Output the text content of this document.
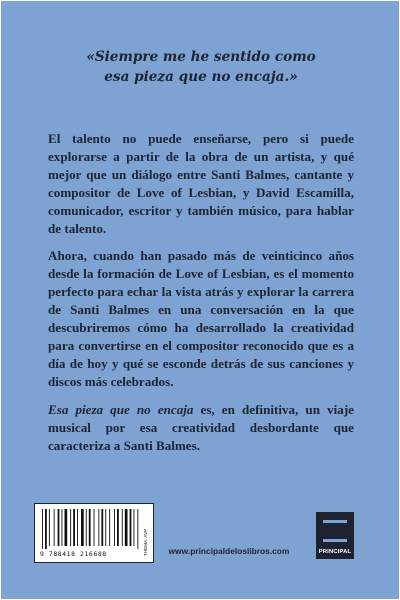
«Siempre me he sentido como
esa pieza que no encaja.»

El talento no puede enseñarse, pero si puede explorarse a partir de la obra de un artista, y qué mejor que un diálogo entre Santi Balmes, cantante y compositor de Love of Lesbian, y David Escamilla, comunicador, escritor y también músico, para hablar de talento.

Ahora, cuando han pasado más de veinticinco años desde la formación de Love of Lesbian, es el momento perfecto para echar la vista atrás y explorar la carrera de Santi Balmes en una conversación en la que descubriremos cómo ha desarrollado la creatividad para convertirse en el compositor reconocido que es a día de hoy y qué se esconde detrás de sus canciones y discos más celebrados.

Esa pieza que no encaja es, en definitiva, un viaje musical por esa creatividad desbordante que caracteriza a Santi Balmes.

9 788418 216688	THEMA: AVP	www.principaldeloslibros.com	PRINCIPAL
